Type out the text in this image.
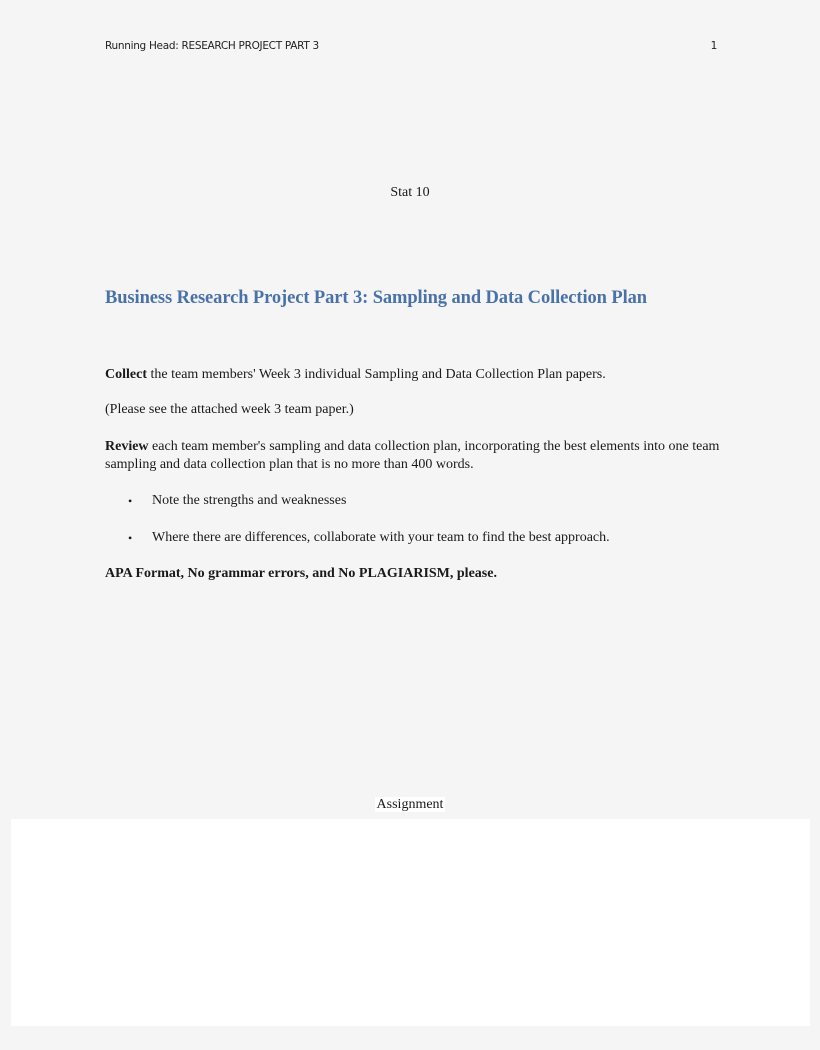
Running Head: RESEARCH PROJECT PART 3	1
Stat 10
Business Research Project Part 3: Sampling and Data Collection Plan

Collect the team members' Week 3 individual Sampling and Data Collection Plan papers.

(Please see the attached week 3 team paper.)

Review each team member's sampling and data collection plan, incorporating the best elements into one team sampling and data collection plan that is no more than 400 words.

•	Note the strengths and weaknesses
•	Where there are differences, collaborate with your team to find the best approach.
APA Format, No grammar errors, and No PLAGIARISM, please.
Assignment
